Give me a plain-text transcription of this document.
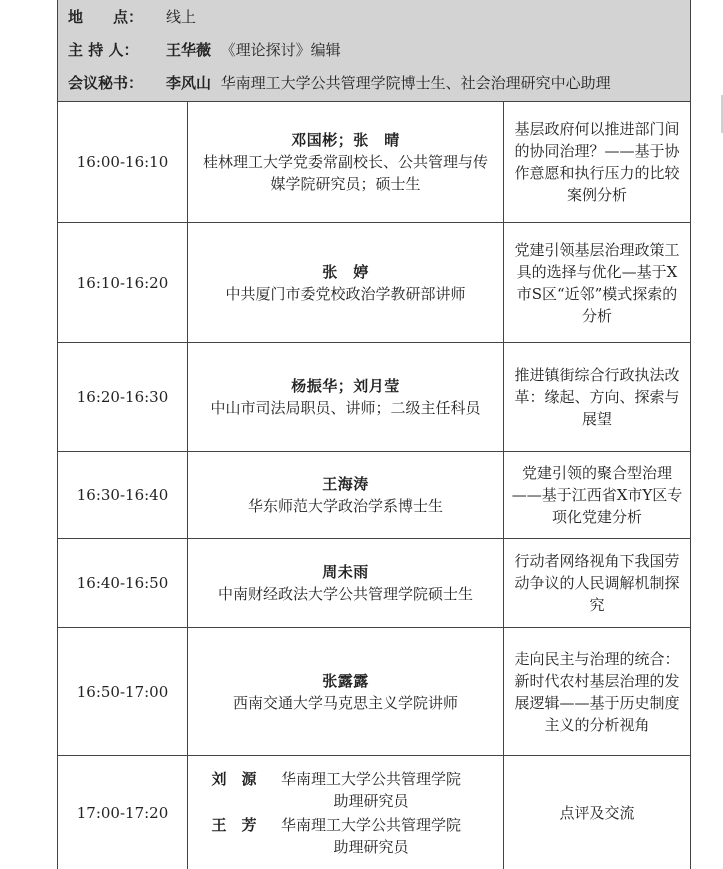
地　　点： 线上
主 持 人： 王华薇 《理论探讨》编辑
会议秘书： 李风山 华南理工大学公共管理学院博士生、社会治理研究中心助理
16:00-16:10
邓国彬；张　晴
桂林理工大学党委常副校长、公共管理与传媒学院研究员；硕士生
基层政府何以推进部门间的协同治理？——基于协作意愿和执行压力的比较案例分析
16:10-16:20
张　婷
中共厦门市委党校政治学教研部讲师
党建引领基层治理政策工具的选择与优化—基于X市S区“近邻”模式探索的分析
16:20-16:30
杨振华；刘月莹
中山市司法局职员、讲师；二级主任科员
推进镇街综合行政执法改革：缘起、方向、探索与展望
16:30-16:40
王海涛
华东师范大学政治学系博士生
党建引领的聚合型治理——基于江西省X市Y区专项化党建分析
16:40-16:50
周未雨
中南财经政法大学公共管理学院硕士生
行动者网络视角下我国劳动争议的人民调解机制探究
16:50-17:00
张露露
西南交通大学马克思主义学院讲师
走向民主与治理的统合：新时代农村基层治理的发展逻辑——基于历史制度主义的分析视角
17:00-17:20
刘　源	华南理工大学公共管理学院助理研究员
王　芳	华南理工大学公共管理学院助理研究员
点评及交流
